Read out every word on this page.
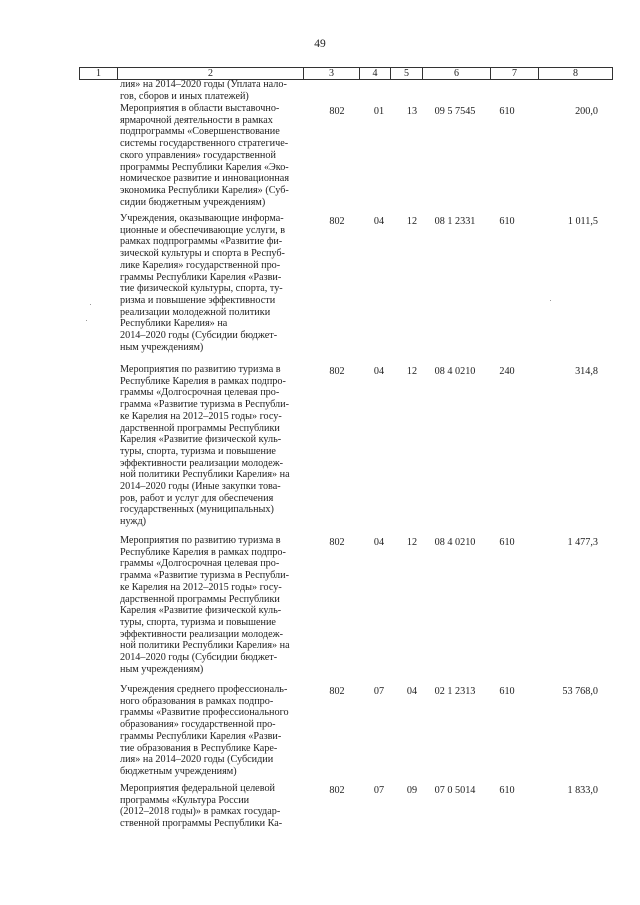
49
1	2	3	4	5	6	7	8
лия» на 2014–2020 годы (Уплата нало-
гов, сборов и иных платежей)
Мероприятия в области выставочно-
ярмарочной деятельности в рамках
подпрограммы «Совершенствование
системы государственного стратегиче-
ского управления» государственной
программы Республики Карелия «Эко-
номическое развитие и инновационная
экономика Республики Карелия» (Суб-
сидии бюджетным учреждениям)
802	01	13	09 5 7545	610	200,0
Учреждения, оказывающие информа-
ционные и обеспечивающие услуги, в
рамках подпрограммы «Развитие фи-
зической культуры и спорта в Респуб-
лике Карелия» государственной про-
граммы Республики Карелия «Разви-
тие физической культуры, спорта, ту-
ризма и повышение эффективности
реализации молодежной политики
Республики Карелия» на
2014–2020 годы (Субсидии бюджет-
ным учреждениям)
802	04	12	08 1 2331	610	1 011,5
Мероприятия по развитию туризма в
Республике Карелия в рамках подпро-
граммы «Долгосрочная целевая про-
грамма «Развитие туризма в Республи-
ке Карелия на 2012–2015 годы» госу-
дарственной программы Республики
Карелия «Развитие физической куль-
туры, спорта, туризма и повышение
эффективности реализации молодеж-
ной политики Республики Карелия» на
2014–2020 годы (Иные закупки това-
ров, работ и услуг для обеспечения
государственных (муниципальных)
нужд)
802	04	12	08 4 0210	240	314,8
Мероприятия по развитию туризма в
Республике Карелия в рамках подпро-
граммы «Долгосрочная целевая про-
грамма «Развитие туризма в Республи-
ке Карелия на 2012–2015 годы» госу-
дарственной программы Республики
Карелия «Развитие физической куль-
туры, спорта, туризма и повышение
эффективности реализации молодеж-
ной политики Республики Карелия» на
2014–2020 годы (Субсидии бюджет-
ным учреждениям)
802	04	12	08 4 0210	610	1 477,3
Учреждения среднего профессиональ-
ного образования в рамках подпро-
граммы «Развитие профессионального
образования» государственной про-
граммы Республики Карелия «Разви-
тие образования в Республике Каре-
лия» на 2014–2020 годы (Субсидии
бюджетным учреждениям)
802	07	04	02 1 2313	610	53 768,0
Мероприятия федеральной целевой
программы «Культура России
(2012–2018 годы)» в рамках государ-
ственной программы Республики Ка-
802	07	09	07 0 5014	610	1 833,0
